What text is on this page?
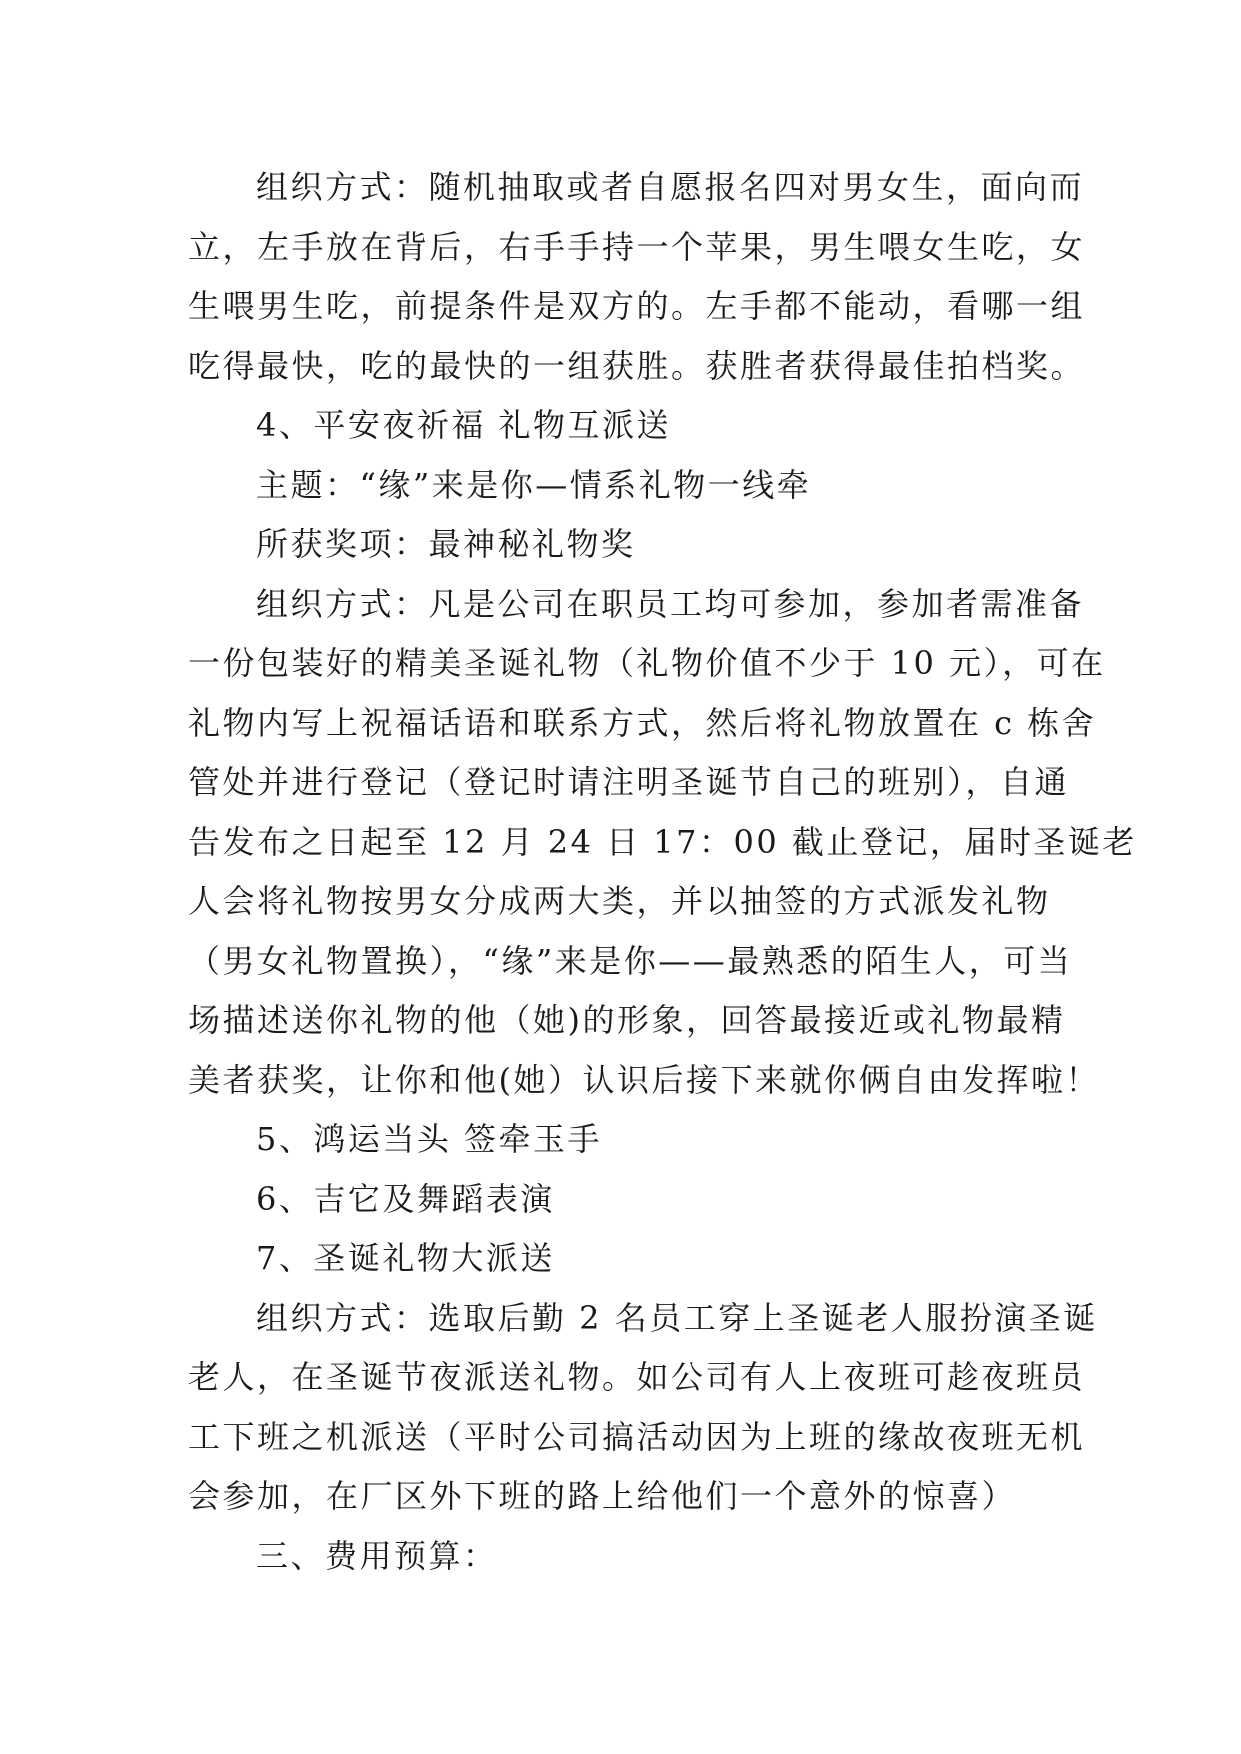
组织方式：随机抽取或者自愿报名四对男女生，面向而
立，左手放在背后，右手手持一个苹果，男生喂女生吃，女
生喂男生吃，前提条件是双方的。左手都不能动，看哪一组
吃得最快，吃的最快的一组获胜。获胜者获得最佳拍档奖。
4、平安夜祈福 礼物互派送
主题：“缘”来是你—情系礼物一线牵
所获奖项：最神秘礼物奖
组织方式：凡是公司在职员工均可参加，参加者需准备
一份包装好的精美圣诞礼物（礼物价值不少于 10 元），可在
礼物内写上祝福话语和联系方式，然后将礼物放置在 c 栋舍
管处并进行登记（登记时请注明圣诞节自己的班别），自通
告发布之日起至 12 月 24 日 17：00 截止登记，届时圣诞老
人会将礼物按男女分成两大类，并以抽签的方式派发礼物
（男女礼物置换），“缘”来是你——最熟悉的陌生人，可当
场描述送你礼物的他（她)的形象，回答最接近或礼物最精
美者获奖，让你和他(她）认识后接下来就你俩自由发挥啦！
5、鸿运当头 签牵玉手
6、吉它及舞蹈表演
7、圣诞礼物大派送
组织方式：选取后勤 2 名员工穿上圣诞老人服扮演圣诞
老人，在圣诞节夜派送礼物。如公司有人上夜班可趁夜班员
工下班之机派送（平时公司搞活动因为上班的缘故夜班无机
会参加，在厂区外下班的路上给他们一个意外的惊喜）
三、费用预算：
